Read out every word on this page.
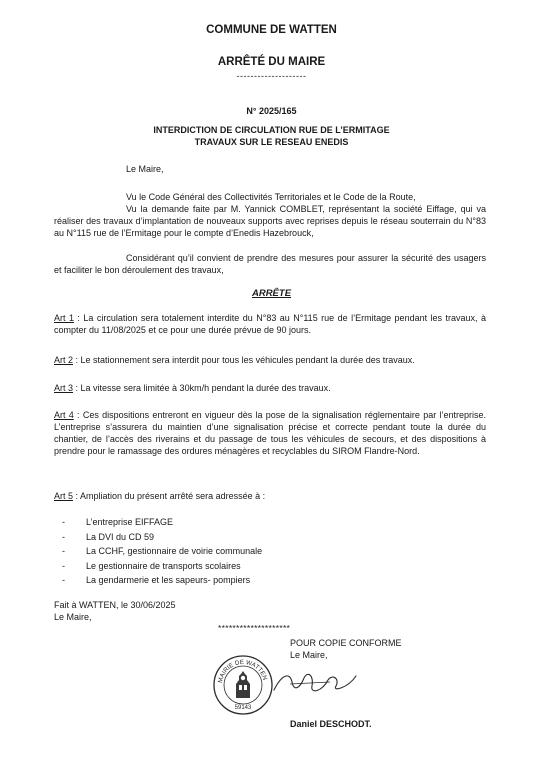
COMMUNE DE WATTEN
ARRÊTÉ DU MAIRE
--------------------
N° 2025/165
INTERDICTION DE CIRCULATION RUE DE L’ERMITAGE
TRAVAUX SUR LE RESEAU ENEDIS
Le Maire,
Vu le Code Général des Collectivités Territoriales et le Code de la Route,
Vu la demande faite par M. Yannick COMBLET, représentant la société Eiffage, qui va réaliser des travaux d’implantation de nouveaux supports avec reprises depuis le réseau souterrain du N°83 au N°115 rue de l’Ermitage pour le compte d’Enedis Hazebrouck,
Considérant qu’il convient de prendre des mesures pour assurer la sécurité des usagers et faciliter le bon déroulement des travaux,
ARRÊTE
Art 1 : La circulation sera totalement interdite du N°83 au N°115 rue de l’Ermitage pendant les travaux, à compter du 11/08/2025 et ce pour une durée prévue de 90 jours.
Art 2 : Le stationnement sera interdit pour tous les véhicules pendant la durée des travaux.
Art 3 : La vitesse sera limitée à 30km/h pendant la durée des travaux.
Art 4 : Ces dispositions entreront en vigueur dès la pose de la signalisation réglementaire par l’entreprise. L’entreprise s’assurera du maintien d’une signalisation précise et correcte pendant toute la durée du chantier, de l’accès des riverains et du passage de tous les véhicules de secours, et des dispositions à prendre pour le ramassage des ordures ménagères et recyclables du SIROM Flandre-Nord.
Art 5 : Ampliation du présent arrêté sera adressée à :
- L’entreprise EIFFAGE
- La DVI du CD 59
- La CCHF, gestionnaire de voirie communale
- Le gestionnaire de transports scolaires
- La gendarmerie et les sapeurs- pompiers
Fait à WATTEN, le 30/06/2025
Le Maire,
********************
POUR COPIE CONFORME
Le Maire,
MAIRIE DE WATTEN
59143
Daniel DESCHODT.
